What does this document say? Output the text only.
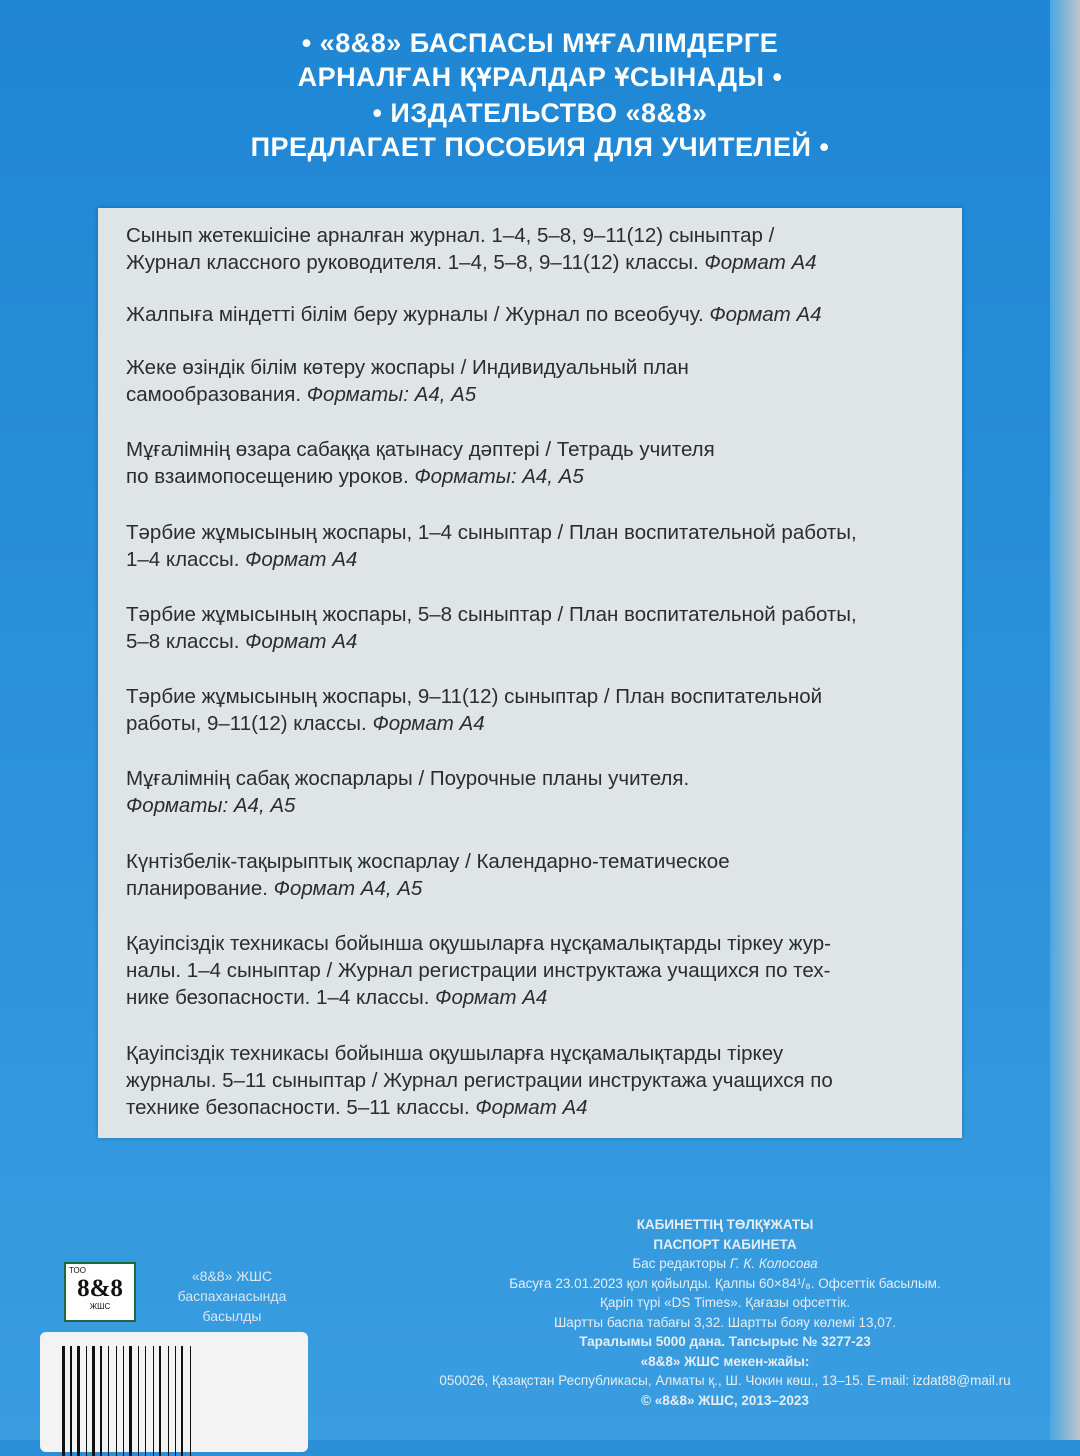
• «8&8» БАСПАСЫ МҰҒАЛІМДЕРГЕ
АРНАЛҒАН ҚҰРАЛДАР ҰСЫНАДЫ •
• ИЗДАТЕЛЬСТВО «8&8»
ПРЕДЛАГАЕТ ПОСОБИЯ ДЛЯ УЧИТЕЛЕЙ •
Сынып жетекшісіне арналған журнал. 1–4, 5–8, 9–11(12) сыныптар /
Журнал классного руководителя. 1–4, 5–8, 9–11(12) классы. Формат А4
Жалпыға міндетті білім беру журналы / Журнал по всеобучу. Формат А4
Жеке өзіндік білім көтеру жоспары / Индивидуальный план
самообразования. Форматы: А4, А5
Мұғалімнің өзара сабаққа қатынасу дәптері / Тетрадь учителя
по взаимопосещению уроков. Форматы: А4, А5
Тәрбие жұмысының жоспары, 1–4 сыныптар / План воспитательной работы,
1–4 классы. Формат А4
Тәрбие жұмысының жоспары, 5–8 сыныптар / План воспитательной работы,
5–8 классы. Формат А4
Тәрбие жұмысының жоспары, 9–11(12) сыныптар / План воспитательной
работы, 9–11(12) классы. Формат А4
Мұғалімнің сабақ жоспарлары / Поурочные планы учителя.
Форматы: А4, А5
Күнтізбелік-тақырыптық жоспарлау / Календарно-тематическое
планирование. Формат А4, А5
Қауіпсіздік техникасы бойынша оқушыларға нұсқамалықтарды тіркеу жур-
налы. 1–4 сыныптар / Журнал регистрации инструктажа учащихся по тех-
нике безопасности. 1–4 классы. Формат А4
Қауіпсіздік техникасы бойынша оқушыларға нұсқамалықтарды тіркеу
журналы. 5–11 сыныптар / Журнал регистрации инструктажа учащихся по
технике безопасности. 5–11 классы. Формат А4
ТОО
8&8
ЖШС
«8&8» ЖШС
баспаханасында
басылды
КАБИНЕТТІҢ ТӨЛҚҰЖАТЫ
ПАСПОРТ КАБИНЕТА
Бас редакторы Г. К. Колосова
Басуға 23.01.2023 қол қойылды. Қалпы 60×84¹/₈. Офсеттік басылым.
Қаріп түрі «DS Times». Қағазы офсеттік.
Шартты баспа табағы 3,32. Шартты бояу көлемі 13,07.
Таралымы 5000 дана. Тапсырыс № 3277-23
«8&8» ЖШС мекен-жайы:
050026, Қазақстан Республикасы, Алматы қ., Ш. Чокин көш., 13–15. E-mail: izdat88@mail.ru
© «8&8» ЖШС, 2013–2023
